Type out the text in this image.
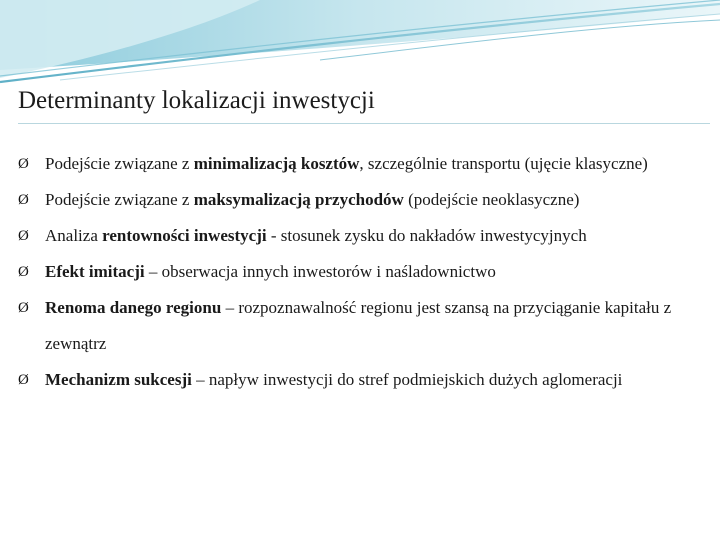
Determinanty lokalizacji inwestycji
Ø Podejście związane z minimalizacją kosztów, szczególnie transportu (ujęcie klasyczne)
Ø Podejście związane z maksymalizacją przychodów (podejście neoklasyczne)
Ø Analiza rentowności inwestycji - stosunek zysku do nakładów inwestycyjnych
Ø Efekt imitacji – obserwacja innych inwestorów i naśladownictwo
Ø Renoma danego regionu – rozpoznawalność regionu jest szansą na przyciąganie kapitału z zewnątrz
Ø Mechanizm sukcesji – napływ inwestycji do stref podmiejskich dużych aglomeracji
